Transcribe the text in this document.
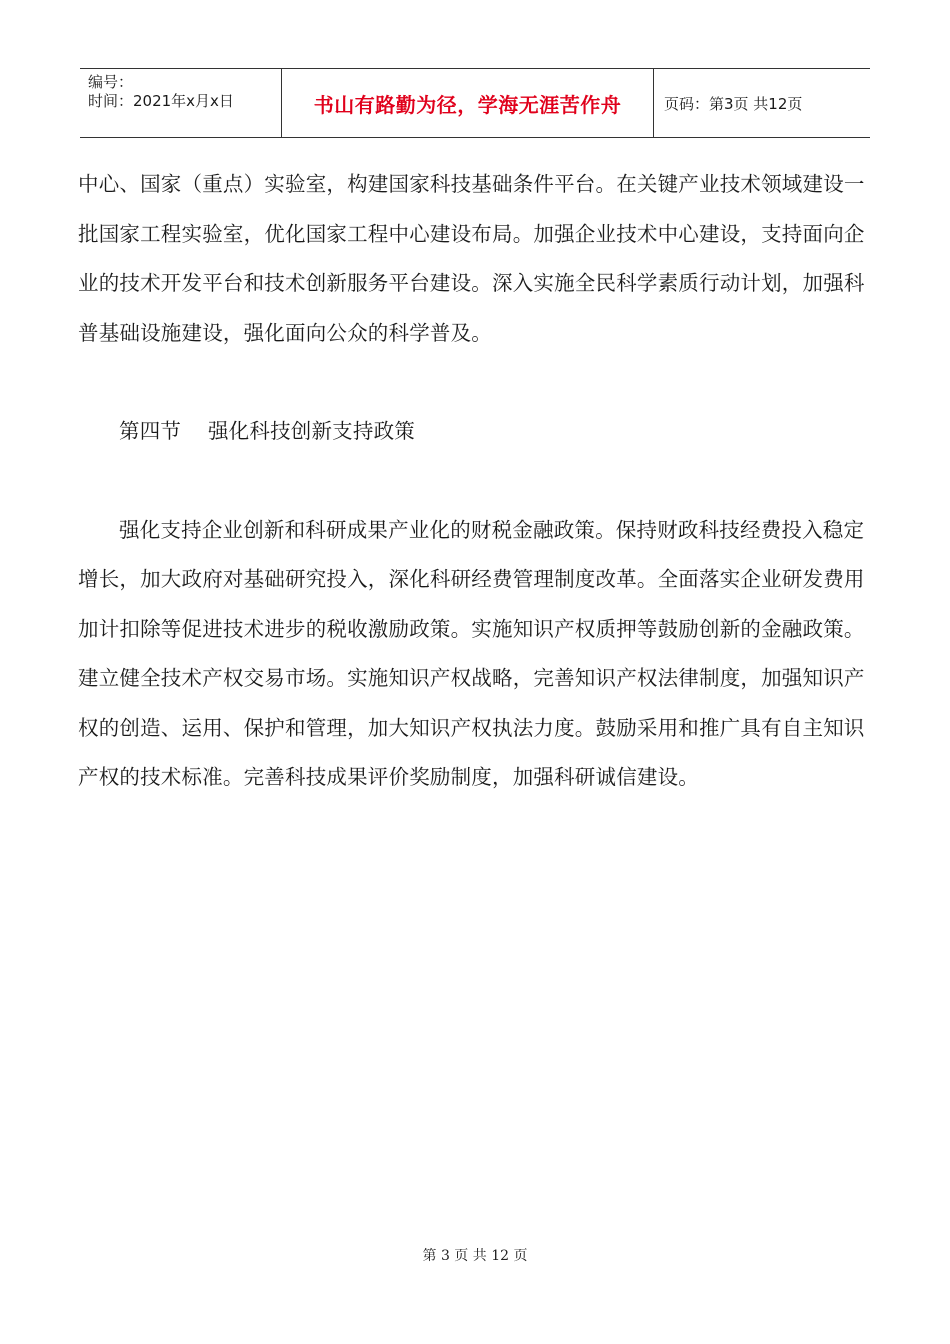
编号：
时间：2021年x月x日	书山有路勤为径，学海无涯苦作舟	页码：第3页 共12页

中心、国家（重点）实验室，构建国家科技基础条件平台。在关键产业技术领域建设一批国家工程实验室，优化国家工程中心建设布局。加强企业技术中心建设，支持面向企业的技术开发平台和技术创新服务平台建设。深入实施全民科学素质行动计划，加强科普基础设施建设，强化面向公众的科学普及。

第四节    强化科技创新支持政策

强化支持企业创新和科研成果产业化的财税金融政策。保持财政科技经费投入稳定增长，加大政府对基础研究投入，深化科研经费管理制度改革。全面落实企业研发费用加计扣除等促进技术进步的税收激励政策。实施知识产权质押等鼓励创新的金融政策。建立健全技术产权交易市场。实施知识产权战略，完善知识产权法律制度，加强知识产权的创造、运用、保护和管理，加大知识产权执法力度。鼓励采用和推广具有自主知识产权的技术标准。完善科技成果评价奖励制度，加强科研诚信建设。

第 3 页 共 12 页
